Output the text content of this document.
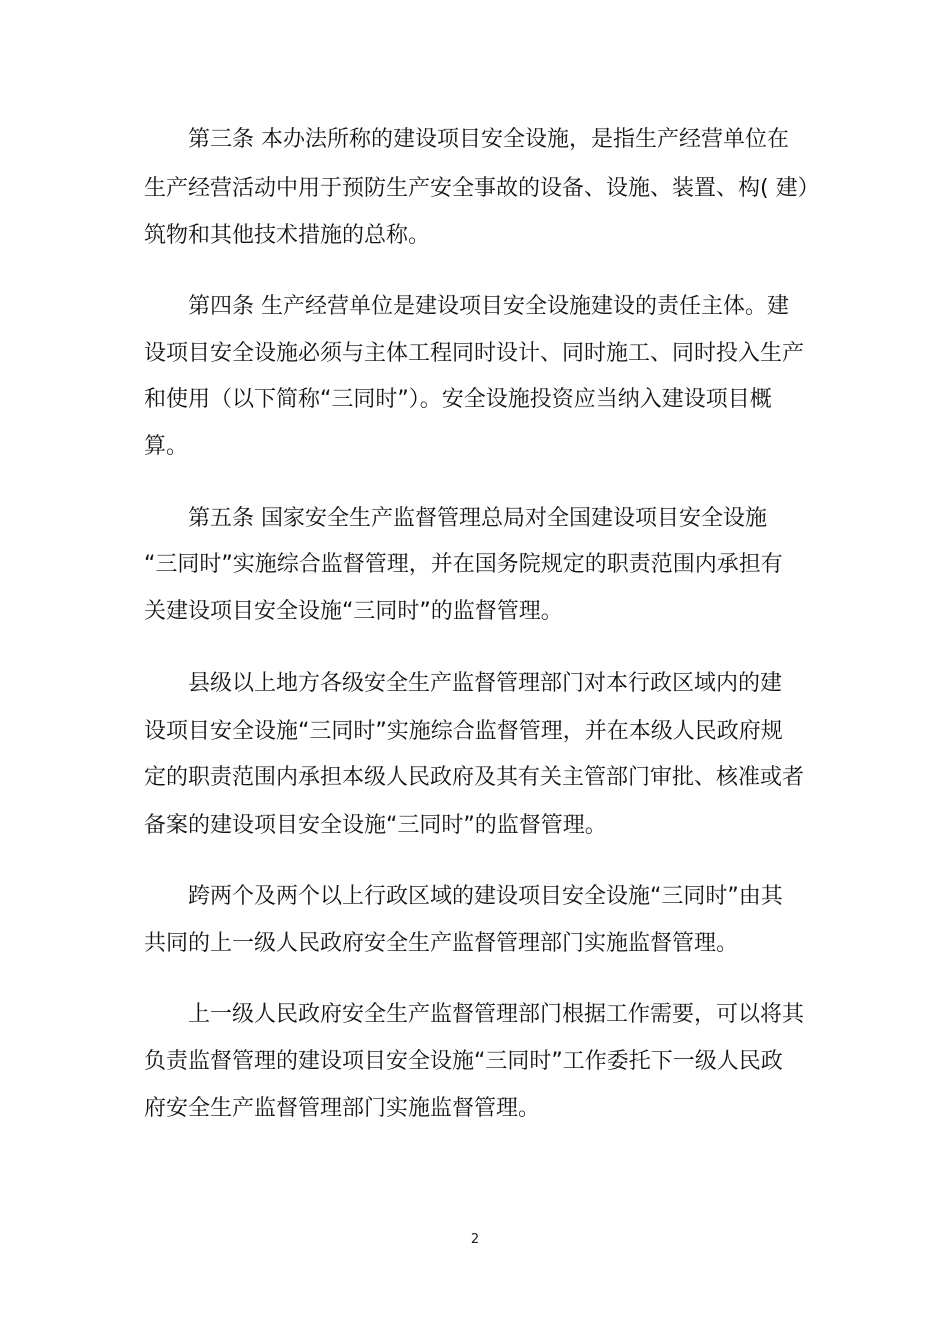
第三条 本办法所称的建设项目安全设施，是指生产经营单位在
生产经营活动中用于预防生产安全事故的设备、设施、装置、构( 建）
筑物和其他技术措施的总称。
第四条 生产经营单位是建设项目安全设施建设的责任主体。建
设项目安全设施必须与主体工程同时设计、同时施工、同时投入生产
和使用（以下简称“三同时”）。安全设施投资应当纳入建设项目概
算。
第五条 国家安全生产监督管理总局对全国建设项目安全设施
“三同时”实施综合监督管理，并在国务院规定的职责范围内承担有
关建设项目安全设施“三同时”的监督管理。
县级以上地方各级安全生产监督管理部门对本行政区域内的建
设项目安全设施“三同时”实施综合监督管理，并在本级人民政府规
定的职责范围内承担本级人民政府及其有关主管部门审批、核准或者
备案的建设项目安全设施“三同时”的监督管理。
跨两个及两个以上行政区域的建设项目安全设施“三同时”由其
共同的上一级人民政府安全生产监督管理部门实施监督管理。
上一级人民政府安全生产监督管理部门根据工作需要，可以将其
负责监督管理的建设项目安全设施“三同时”工作委托下一级人民政
府安全生产监督管理部门实施监督管理。
2
